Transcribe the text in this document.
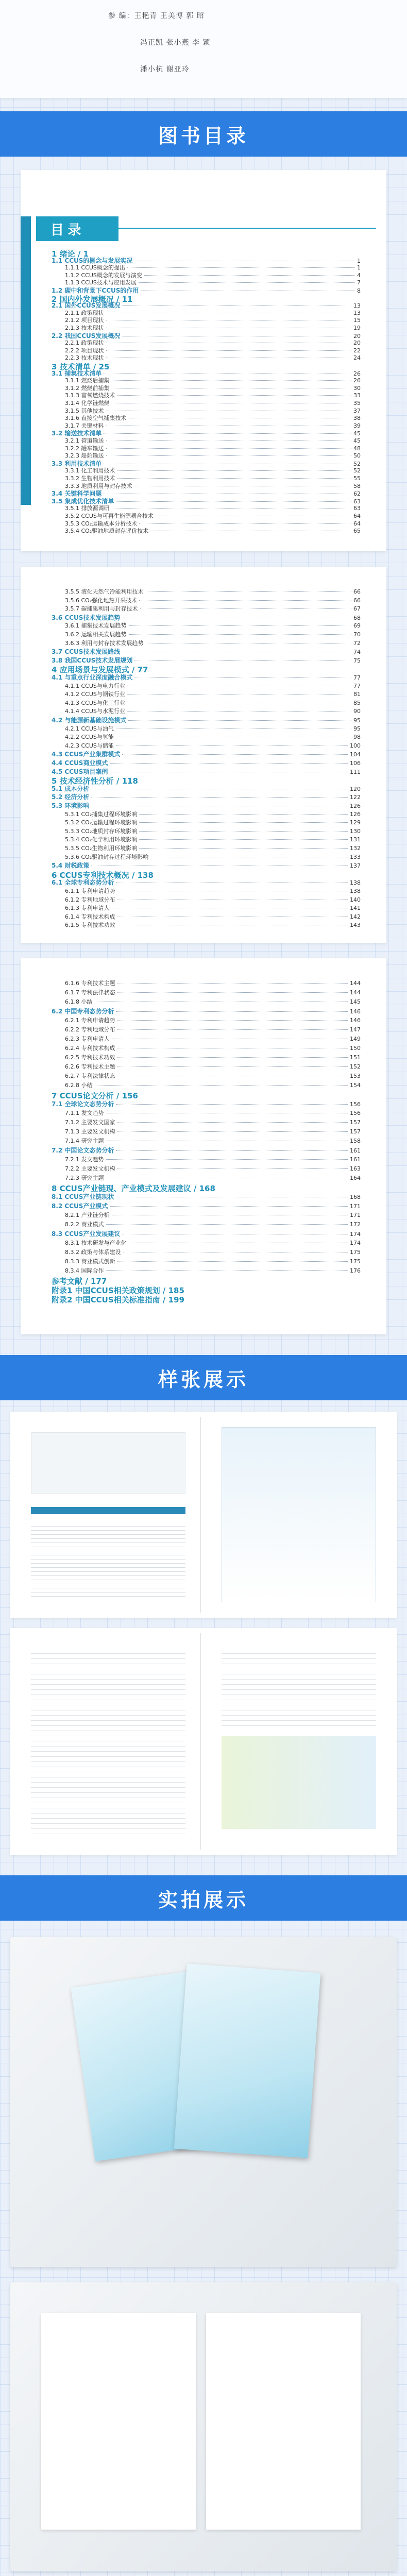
参 编：王艳青 王美博 郭 昭
冯正凯 张小燕 李 颖
潘小杭 谢亚玲
图书目录
目 录
1 绪论 / 1
1.1 CCUS的概念与发展实况	1
1.1.1 CCUS概念的提出	1
1.1.2 CCUS概念的发展与演变	4
1.1.3 CCUS技术与应用发展	7
1.2 碳中和背景下CCUS的作用	8
2 国内外发展概况 / 11
2.1 国外CCUS发展概况	13
2.1.1 政策现状	13
2.1.2 项目现状	15
2.1.3 技术现状	19
2.2 我国CCUS发展概况	20
2.2.1 政策现状	20
2.2.2 项目现状	22
2.2.3 技术现状	24
3 技术清单 / 25
3.1 捕集技术清单	26
3.1.1 燃烧后捕集	26
3.1.2 燃烧前捕集	30
3.1.3 富氧燃烧技术	33
3.1.4 化学链燃烧	35
3.1.5 其他技术	37
3.1.6 直接空气捕集技术	38
3.1.7 关键材料	39
3.2 输送技术清单	45
3.2.1 管道输送	45
3.2.2 罐车输送	48
3.2.3 船舶输送	50
3.3 利用技术清单	52
3.3.1 化工利用技术	52
3.3.2 生物利用技术	55
3.3.3 地质利用与封存技术	58
3.4 关键科学问题	62
3.5 集成优化技术清单	63
3.5.1 排放源调研	63
3.5.2 CCUS与可再生能源耦合技术	64
3.5.3 CO₂运输成本分析技术	64
3.5.4 CO₂驱油地质封存评价技术	65
3.5.5 液化天然气冷能利用技术	66
3.5.6 CO₂强化地热开采技术	66
3.5.7 碳捕集利用与封存技术	67
3.6 CCUS技术发展趋势	68
3.6.1 捕集技术发展趋势	69
3.6.2 运输相关发展趋势	70
3.6.3 利用与封存技术发展趋势	72
3.7 CCUS技术发展路线	74
3.8 我国CCUS技术发展规划	75
4 应用场景与发展模式 / 77
4.1 与重点行业深度融合模式	77
4.1.1 CCUS与电力行业	77
4.1.2 CCUS与钢铁行业	81
4.1.3 CCUS与化工行业	85
4.1.4 CCUS与水泥行业	90
4.2 与能源新基础设施模式	95
4.2.1 CCUS与油气	95
4.2.2 CCUS与氢能	98
4.2.3 CCUS与储能	100
4.3 CCUS产业集群模式	104
4.4 CCUS商业模式	106
4.5 CCUS项目案例	111
5 技术经济性分析 / 118
5.1 成本分析	120
5.2 经济分析	122
5.3 环境影响	126
5.3.1 CO₂捕集过程环境影响	126
5.3.2 CO₂运输过程环境影响	129
5.3.3 CO₂地质封存环境影响	130
5.3.4 CO₂化学利用环境影响	131
5.3.5 CO₂生物利用环境影响	132
5.3.6 CO₂驱油封存过程环境影响	133
5.4 财税政策	137
6 CCUS专利技术概况 / 138
6.1 全球专利态势分析	138
6.1.1 专利申请趋势	138
6.1.2 专利地域分布	140
6.1.3 专利申请人	141
6.1.4 专利技术构成	142
6.1.5 专利技术功效	143
6.1.6 专利技术主题	144
6.1.7 专利法律状态	144
6.1.8 小结	145
6.2 中国专利态势分析	146
6.2.1 专利申请趋势	146
6.2.2 专利地域分布	147
6.2.3 专利申请人	149
6.2.4 专利技术构成	150
6.2.5 专利技术功效	151
6.2.6 专利技术主题	152
6.2.7 专利法律状态	153
6.2.8 小结	154
7 CCUS论文分析 / 156
7.1 全球论文态势分析	156
7.1.1 发文趋势	156
7.1.2 主要发文国家	157
7.1.3 主要发文机构	157
7.1.4 研究主题	158
7.2 中国论文态势分析	161
7.2.1 发文趋势	161
7.2.2 主要发文机构	163
7.2.3 研究主题	164
8 CCUS产业链现、产业模式及发展建议 / 168
8.1 CCUS产业链现状	168
8.2 CCUS产业模式	171
8.2.1 产业链分析	171
8.2.2 商业模式	172
8.3 CCUS产业发展建议	174
8.3.1 技术研发与产业化	174
8.3.2 政策与体系建设	175
8.3.3 商业模式创新	175
8.3.4 国际合作	176
参考文献 / 177
附录1 中国CCUS相关政策规划 / 185
附录2 中国CCUS相关标准指南 / 199
样张展示
实拍展示
